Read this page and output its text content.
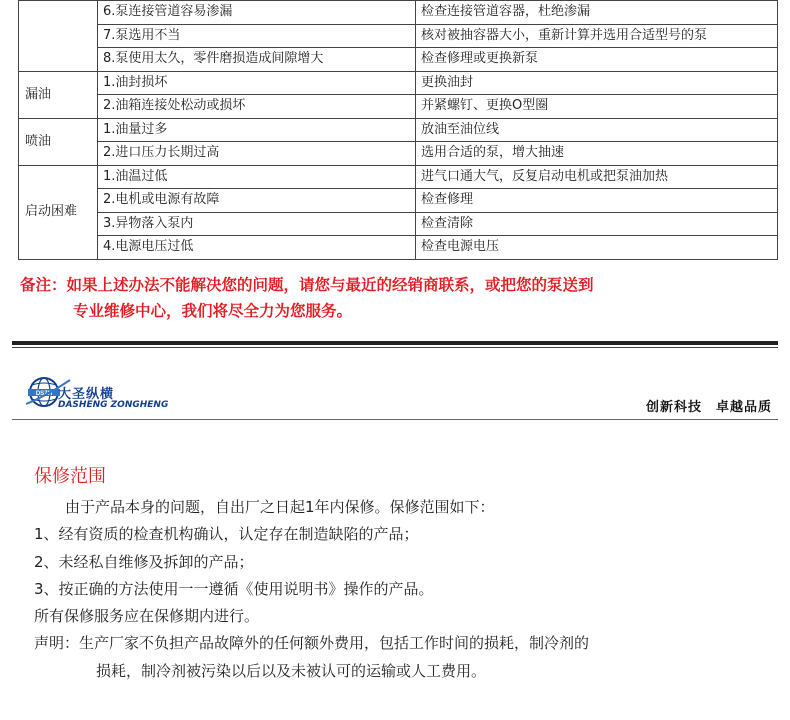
	6.泵连接管道容易渗漏	检查连接管道容器，杜绝渗漏
	7.泵选用不当	核对被抽容器大小，重新计算并选用合适型号的泵
	8.泵使用太久，零件磨损造成间隙增大	检查修理或更换新泵
漏油	1.油封损坏	更换油封
	2.油箱连接处松动或损坏	并紧螺钉、更换O型圈
喷油	1.油量过多	放油至油位线
	2.进口压力长期过高	选用合适的泵，增大抽速
启动困难	1.油温过低	进气口通大气，反复启动电机或把泵油加热
	2.电机或电源有故障	检查修理
	3.异物落入泵内	检查清除
	4.电源电压过低	检查电源电压
备注：如果上述办法不能解决您的问题，请您与最近的经销商联系，或把您的泵送到
专业维修中心，我们将尽全力为您服务。
DSZH 大圣纵横
DASHENG ZONGHENG	创新科技　卓越品质
保修范围

由于产品本身的问题，自出厂之日起1年内保修。保修范围如下：

1、经有资质的检查机构确认，认定存在制造缺陷的产品；

2、未经私自维修及拆卸的产品；

3、按正确的方法使用一一遵循《使用说明书》操作的产品。

所有保修服务应在保修期内进行。

声明：生产厂家不负担产品故障外的任何额外费用，包括工作时间的损耗，制冷剂的

损耗，制冷剂被污染以后以及未被认可的运输或人工费用。
